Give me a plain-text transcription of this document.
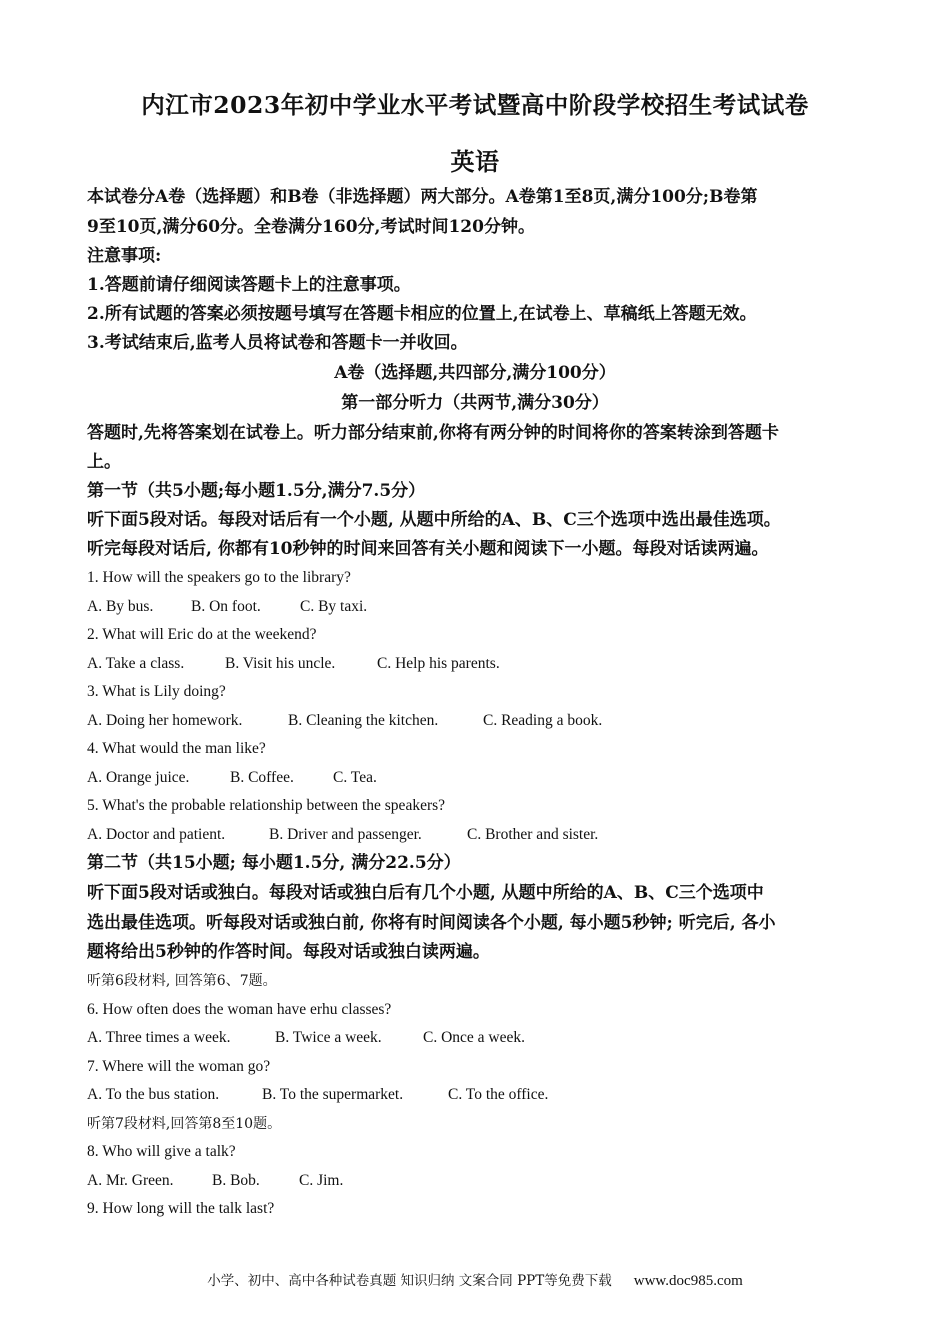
内江市2023年初中学业水平考试暨高中阶段学校招生考试试卷
英语
本试卷分A卷（选择题）和B卷（非选择题）两大部分。A卷第1至8页,满分100分;B卷第
9至10页,满分60分。全卷满分160分,考试时间120分钟。
注意事项:
1.答题前请仔细阅读答题卡上的注意事项。
2.所有试题的答案必须按题号填写在答题卡相应的位置上,在试卷上、草稿纸上答题无效。
3.考试结束后,监考人员将试卷和答题卡一并收回。
A卷（选择题,共四部分,满分100分）
第一部分听力（共两节,满分30分）
答题时,先将答案划在试卷上。听力部分结束前,你将有两分钟的时间将你的答案转涂到答题卡
上。
第一节（共5小题;每小题1.5分,满分7.5分）
听下面5段对话。每段对话后有一个小题, 从题中所给的A、B、C三个选项中选出最佳选项。
听完每段对话后, 你都有10秒钟的时间来回答有关小题和阅读下一小题。每段对话读两遍。
1. How will the speakers go to the library?
A. By bus. B. On foot.	C. By taxi.
2. What will Eric do at the weekend?
A. Take a class.	B. Visit his uncle.	C. Help his parents.
3. What is Lily doing?
A. Doing her homework.	B. Cleaning the kitchen.	C. Reading a book.
4. What would the man like?
A. Orange juice.	B. Coffee.	C. Tea.
5. What's the probable relationship between the speakers?
A. Doctor and patient.	B. Driver and passenger.	C. Brother and sister.
第二节（共15小题; 每小题1.5分, 满分22.5分）
听下面5段对话或独白。每段对话或独白后有几个小题, 从题中所给的A、B、C三个选项中
选出最佳选项。听每段对话或独白前, 你将有时间阅读各个小题, 每小题5秒钟; 听完后, 各小
题将给出5秒钟的作答时间。每段对话或独白读两遍。
听第6段材料, 回答第6、7题。
6. How often does the woman have erhu classes?
A. Three times a week.	B. Twice a week.	C. Once a week.
7. Where will the woman go?
A. To the bus station.	B. To the supermarket.	C. To the office.
听第7段材料,回答第8至10题。
8. Who will give a talk?
A. Mr. Green. B. Bob.	C. Jim.
9. How long will the talk last?
小学、初中、高中各种试卷真题 知识归纳 文案合同 PPT等免费下载 www.doc985.com
